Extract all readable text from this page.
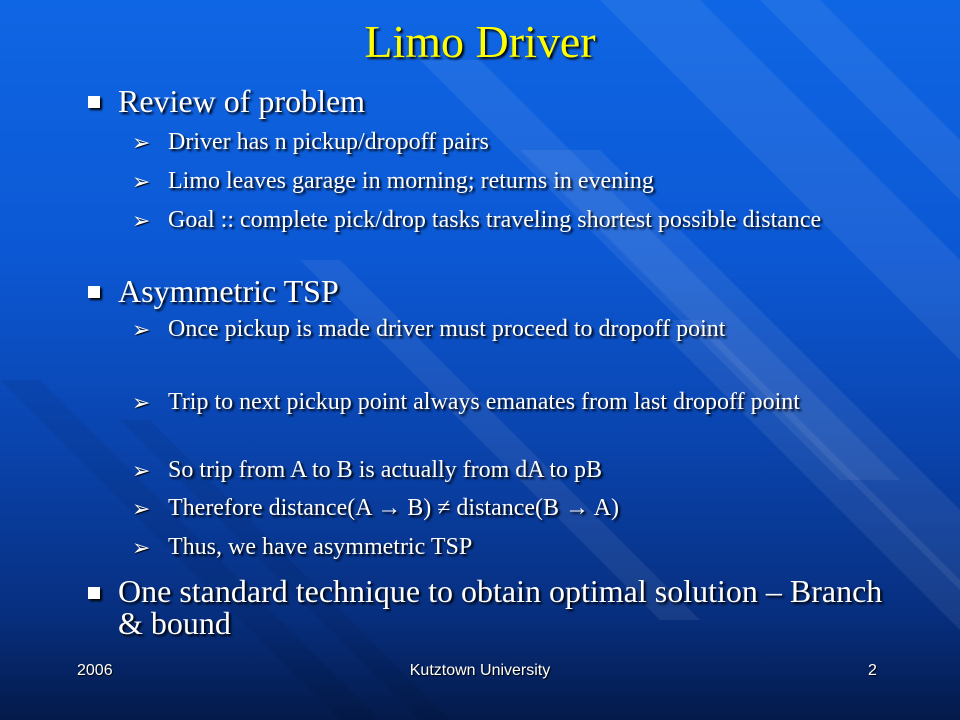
Limo Driver
Review of problem
➢ Driver has n pickup/dropoff pairs
➢ Limo leaves garage in morning; returns in evening
➢ Goal :: complete pick/drop tasks traveling shortest possible distance
Asymmetric TSP
➢ Once pickup is made driver must proceed to dropoff point
➢ Trip to next pickup point always emanates from last dropoff point
➢ So trip from A to B is actually from dA to pB
➢ Therefore distance(A → B) ≠ distance(B → A)
➢ Thus, we have asymmetric TSP
One standard technique to obtain optimal solution – Branch & bound
2006	Kutztown University	2
